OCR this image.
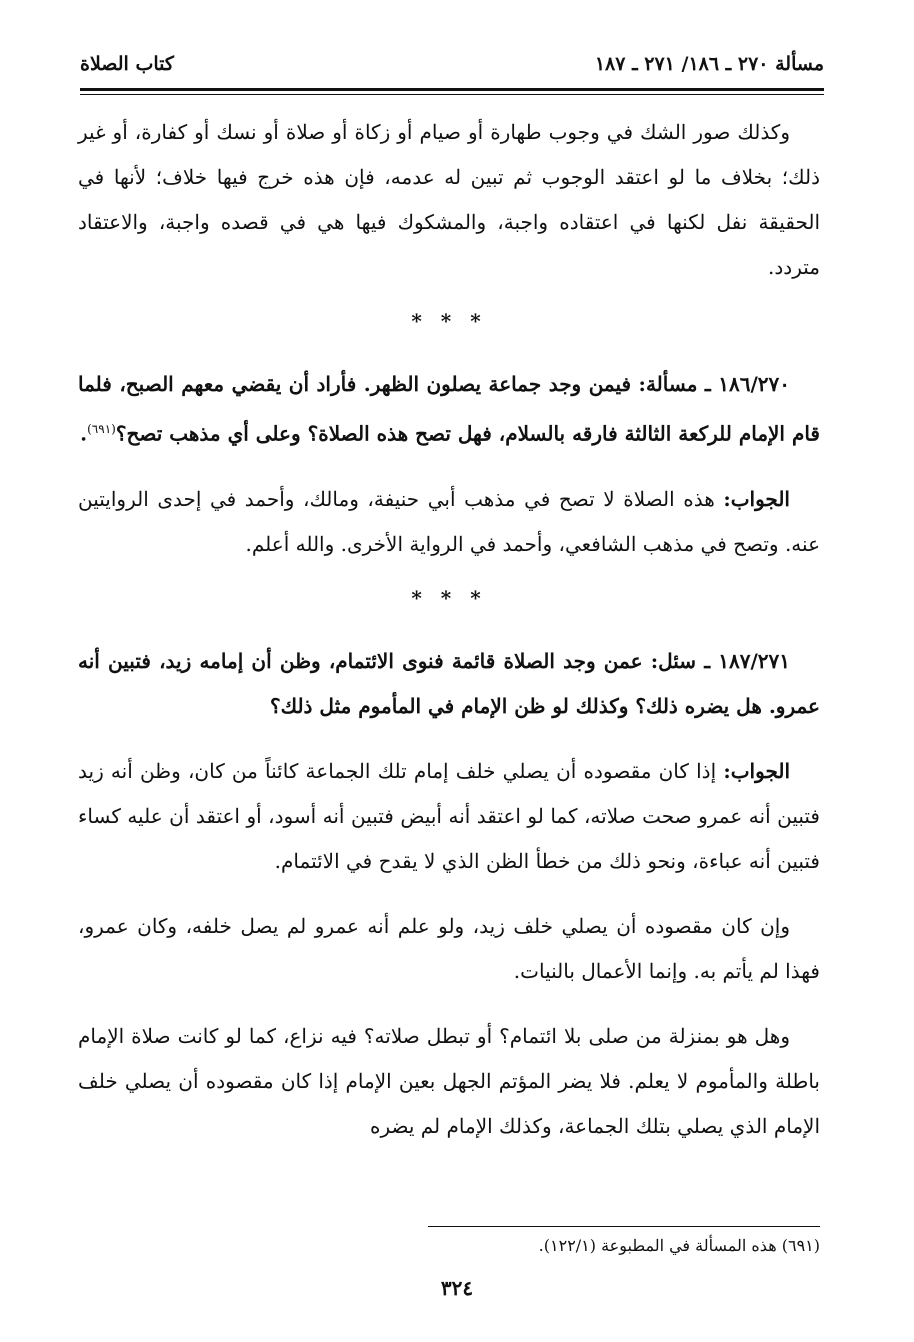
مسألة ٢٧٠ ـ ١٨٦/ ٢٧١ ـ ١٨٧
كتاب الصلاة

وكذلك صور الشك في وجوب طهارة أو صيام أو زكاة أو صلاة أو نسك أو كفارة، أو غير ذلك؛ بخلاف ما لو اعتقد الوجوب ثم تبين له عدمه، فإن هذه خرج فيها خلاف؛ لأنها في الحقيقة نفل لكنها في اعتقاده واجبة، والمشكوك فيها هي في قصده واجبة، والاعتقاد متردد.

* * *

١٨٦/٢٧٠ ـ مسألة: فيمن وجد جماعة يصلون الظهر. فأراد أن يقضي معهم الصبح، فلما قام الإمام للركعة الثالثة فارقه بالسلام، فهل تصح هذه الصلاة؟ وعلى أي مذهب تصح؟$^{(٦٩١)}$.

الجواب: هذه الصلاة لا تصح في مذهب أبي حنيفة، ومالك، وأحمد في إحدى الروايتين عنه. وتصح في مذهب الشافعي، وأحمد في الرواية الأخرى. والله أعلم.

* * *

١٨٧/٢٧١ ـ سئل: عمن وجد الصلاة قائمة فنوى الائتمام، وظن أن إمامه زيد، فتبين أنه عمرو. هل يضره ذلك؟ وكذلك لو ظن الإمام في المأموم مثل ذلك؟

الجواب: إذا كان مقصوده أن يصلي خلف إمام تلك الجماعة كائناً من كان، وظن أنه زيد فتبين أنه عمرو صحت صلاته، كما لو اعتقد أنه أبيض فتبين أنه أسود، أو اعتقد أن عليه كساء فتبين أنه عباءة، ونحو ذلك من خطأ الظن الذي لا يقدح في الائتمام.

وإن كان مقصوده أن يصلي خلف زيد، ولو علم أنه عمرو لم يصل خلفه، وكان عمرو، فهذا لم يأتم به. وإنما الأعمال بالنيات.

وهل هو بمنزلة من صلى بلا ائتمام؟ أو تبطل صلاته؟ فيه نزاع، كما لو كانت صلاة الإمام باطلة والمأموم لا يعلم. فلا يضر المؤتم الجهل بعين الإمام إذا كان مقصوده أن يصلي خلف الإمام الذي يصلي بتلك الجماعة، وكذلك الإمام لم يضره

(٦٩١) هذه المسألة في المطبوعة (١٢٢/١).
٣٢٤
